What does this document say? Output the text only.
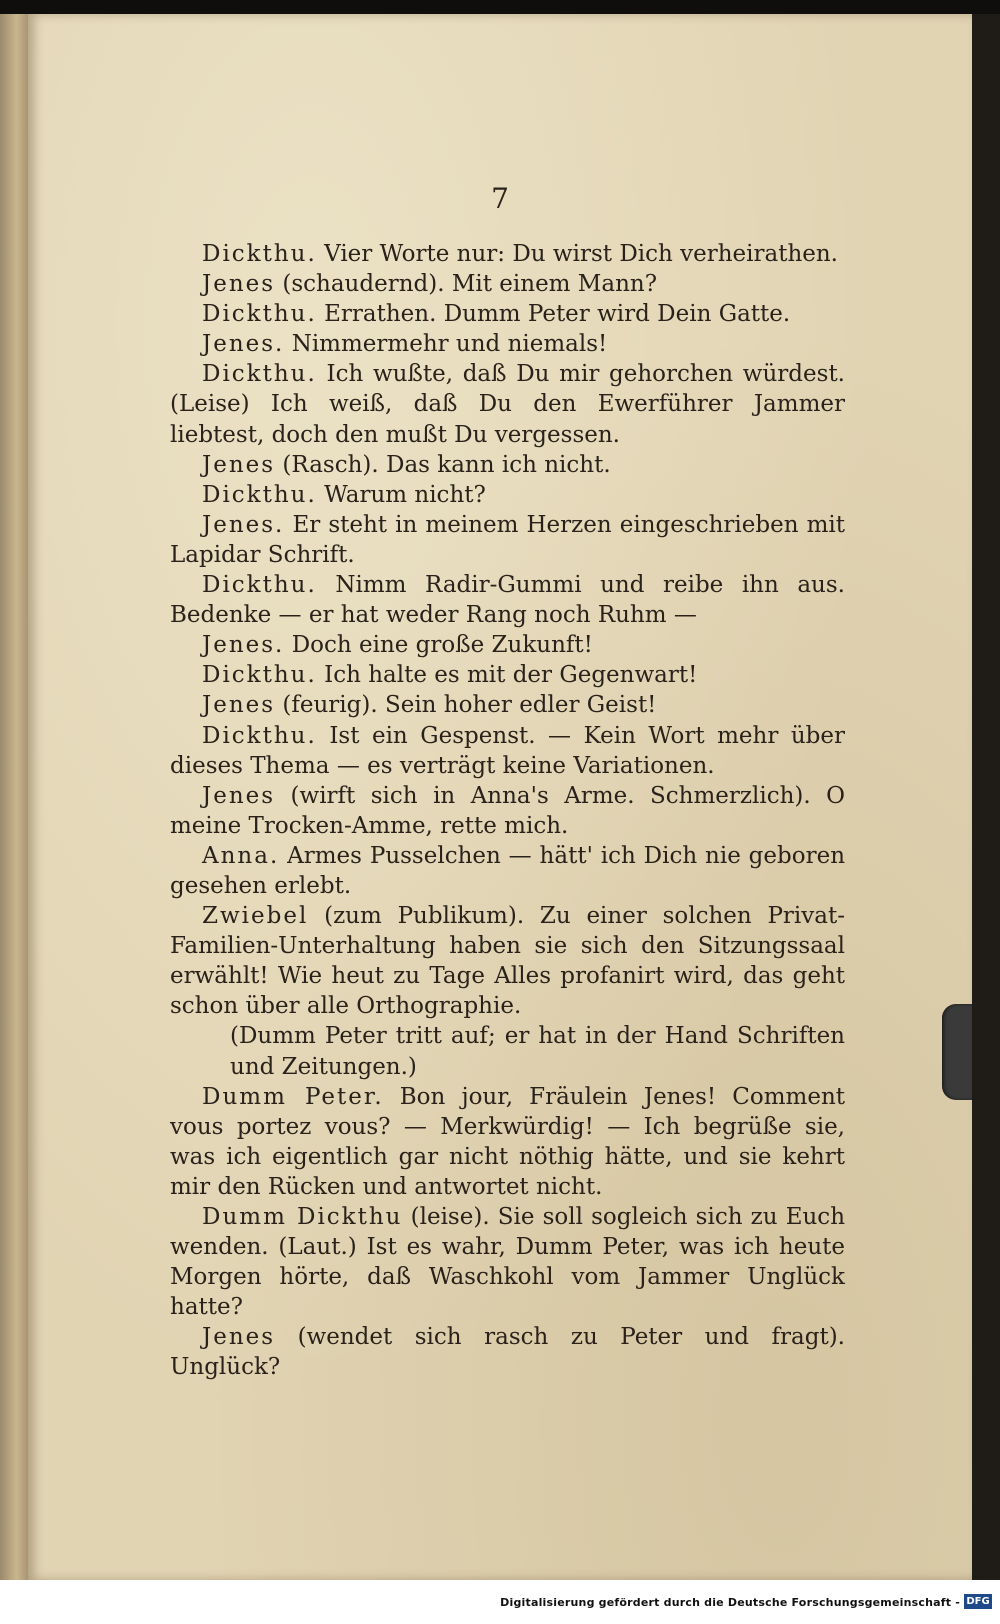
7

Dickthu. Vier Worte nur: Du wirst Dich verheirathen.

Jenes (schaudernd). Mit einem Mann?

Dickthu. Errathen. Dumm Peter wird Dein Gatte.

Jenes. Nimmermehr und niemals!

Dickthu. Ich wußte, daß Du mir gehorchen würdest. (Leise) Ich weiß, daß Du den Ewerführer Jammer liebtest, doch den mußt Du vergessen.

Jenes (Rasch). Das kann ich nicht.

Dickthu. Warum nicht?

Jenes. Er steht in meinem Herzen eingeschrieben mit Lapidar Schrift.

Dickthu. Nimm Radir-Gummi und reibe ihn aus. Bedenke — er hat weder Rang noch Ruhm —

Jenes. Doch eine große Zukunft!

Dickthu. Ich halte es mit der Gegenwart!

Jenes (feurig). Sein hoher edler Geist!

Dickthu. Ist ein Gespenst. — Kein Wort mehr über dieses Thema — es verträgt keine Variationen.

Jenes (wirft sich in Anna's Arme. Schmerzlich). O meine Trocken-Amme, rette mich.

Anna. Armes Pusselchen — hätt' ich Dich nie geboren gesehen erlebt.

Zwiebel (zum Publikum). Zu einer solchen Privat-Familien-Unterhaltung haben sie sich den Sitzungssaal erwählt! Wie heut zu Tage Alles profanirt wird, das geht schon über alle Orthographie.

(Dumm Peter tritt auf; er hat in der Hand Schriften und Zeitungen.)

Dumm Peter. Bon jour, Fräulein Jenes! Comment vous portez vous? — Merkwürdig! — Ich begrüße sie, was ich eigentlich gar nicht nöthig hätte, und sie kehrt mir den Rücken und antwortet nicht.

Dumm Dickthu (leise). Sie soll sogleich sich zu Euch wenden. (Laut.) Ist es wahr, Dumm Peter, was ich heute Morgen hörte, daß Waschkohl vom Jammer Unglück hatte?

Jenes (wendet sich rasch zu Peter und fragt). Unglück?

Digitalisierung gefördert durch die Deutsche Forschungsgemeinschaft - DFG
